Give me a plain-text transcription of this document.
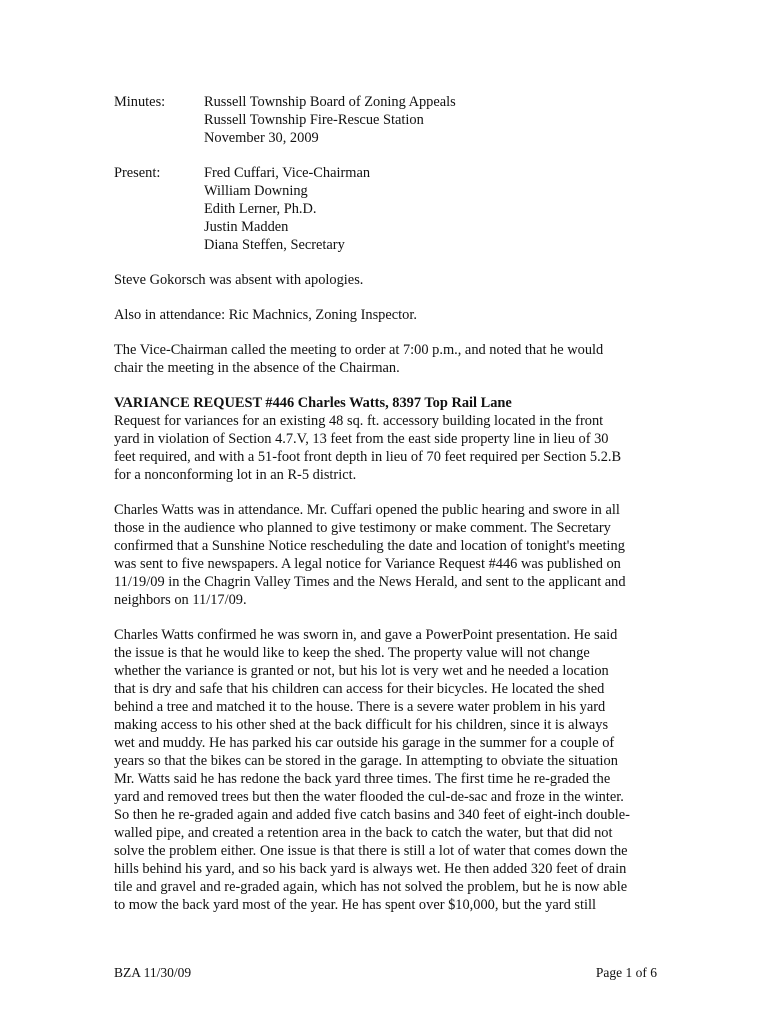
Minutes:	Russell Township Board of Zoning Appeals
Russell Township Fire-Rescue Station
November 30, 2009
Present:	Fred Cuffari, Vice-Chairman
William Downing
Edith Lerner, Ph.D.
Justin Madden
Diana Steffen, Secretary

Steve Gokorsch was absent with apologies.

Also in attendance: Ric Machnics, Zoning Inspector.

The Vice-Chairman called the meeting to order at 7:00 p.m., and noted that he would
chair the meeting in the absence of the Chairman.

VARIANCE REQUEST #446 Charles Watts, 8397 Top Rail Lane
Request for variances for an existing 48 sq. ft. accessory building located in the front
yard in violation of Section 4.7.V, 13 feet from the east side property line in lieu of 30
feet required, and with a 51-foot front depth in lieu of 70 feet required per Section 5.2.B
for a nonconforming lot in an R-5 district.

Charles Watts was in attendance. Mr. Cuffari opened the public hearing and swore in all
those in the audience who planned to give testimony or make comment. The Secretary
confirmed that a Sunshine Notice rescheduling the date and location of tonight's meeting
was sent to five newspapers. A legal notice for Variance Request #446 was published on
11/19/09 in the Chagrin Valley Times and the News Herald, and sent to the applicant and
neighbors on 11/17/09.

Charles Watts confirmed he was sworn in, and gave a PowerPoint presentation. He said
the issue is that he would like to keep the shed. The property value will not change
whether the variance is granted or not, but his lot is very wet and he needed a location
that is dry and safe that his children can access for their bicycles. He located the shed
behind a tree and matched it to the house. There is a severe water problem in his yard
making access to his other shed at the back difficult for his children, since it is always
wet and muddy. He has parked his car outside his garage in the summer for a couple of
years so that the bikes can be stored in the garage. In attempting to obviate the situation
Mr. Watts said he has redone the back yard three times. The first time he re-graded the
yard and removed trees but then the water flooded the cul-de-sac and froze in the winter.
So then he re-graded again and added five catch basins and 340 feet of eight-inch double-
walled pipe, and created a retention area in the back to catch the water, but that did not
solve the problem either. One issue is that there is still a lot of water that comes down the
hills behind his yard, and so his back yard is always wet. He then added 320 feet of drain
tile and gravel and re-graded again, which has not solved the problem, but he is now able
to mow the back yard most of the year. He has spent over $10,000, but the yard still

BZA 11/30/09	Page 1 of 6
